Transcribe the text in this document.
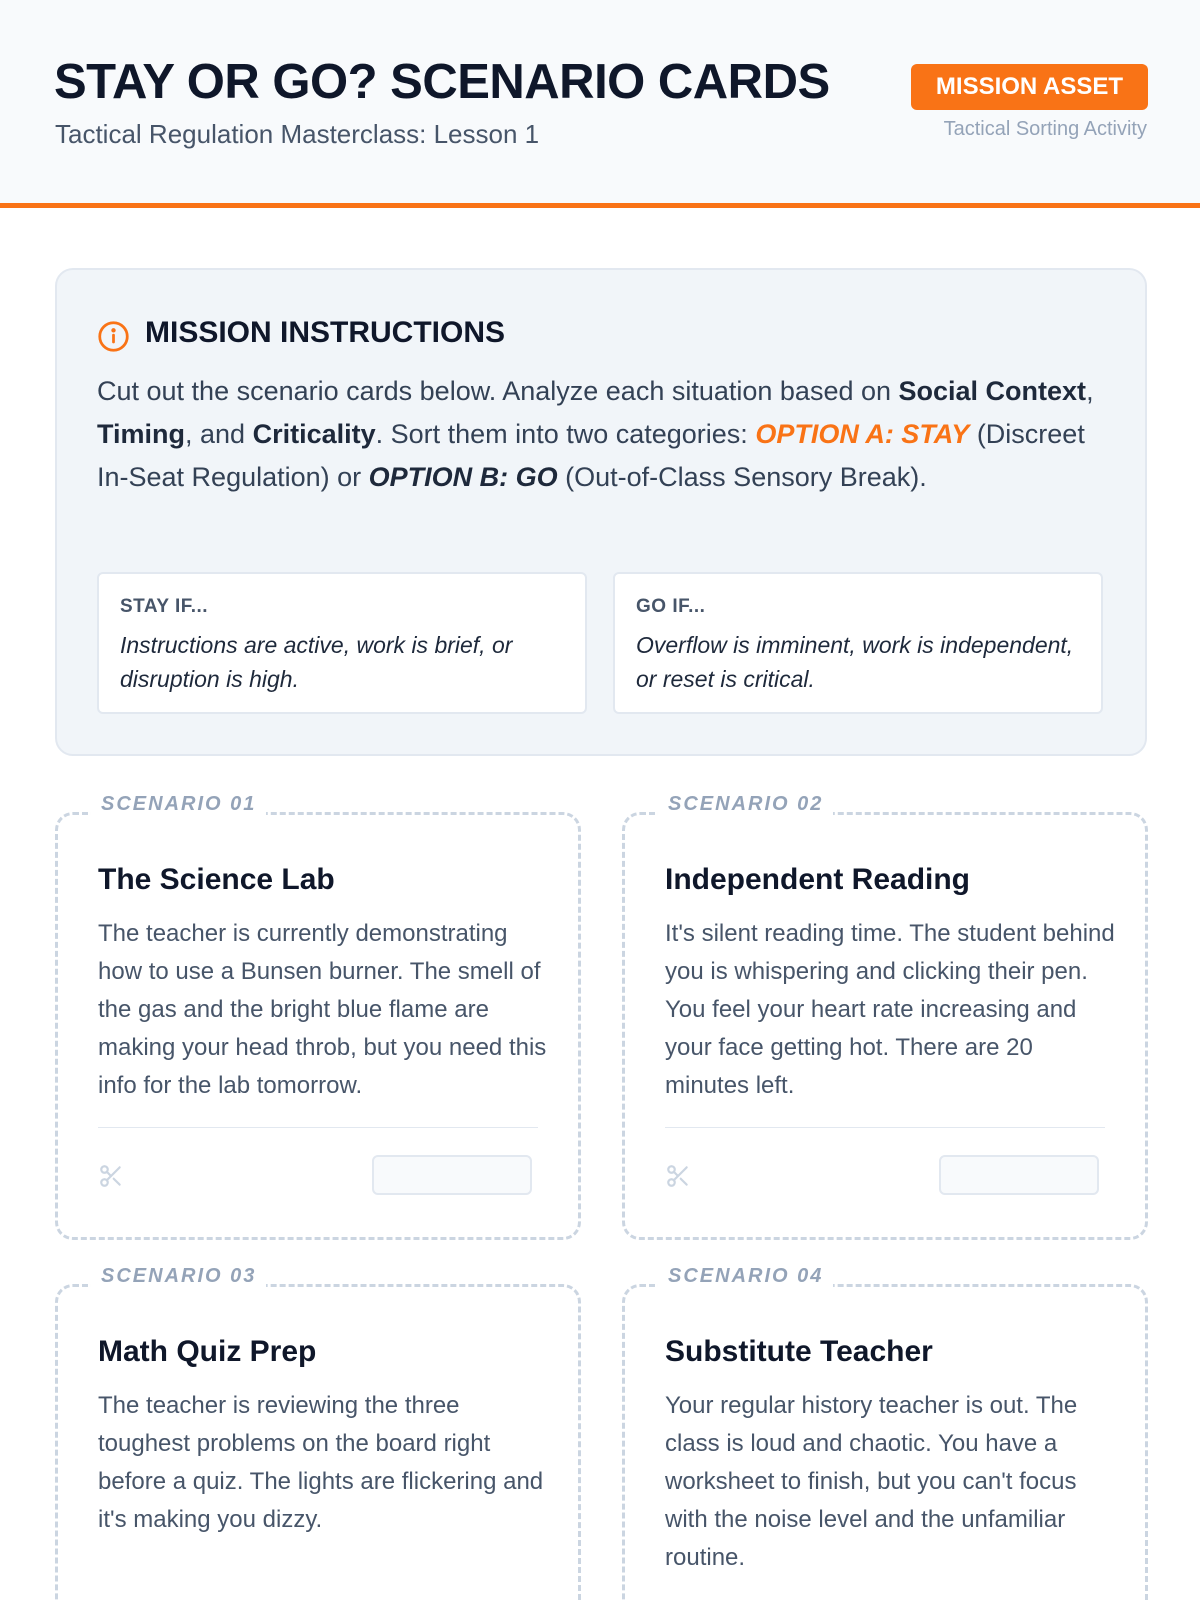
STAY OR GO? SCENARIO CARDS
Tactical Regulation Masterclass: Lesson 1
MISSION ASSET
Tactical Sorting Activity
MISSION INSTRUCTIONS
Cut out the scenario cards below. Analyze each situation based on Social Context, Timing, and Criticality. Sort them into two categories: OPTION A: STAY (Discreet In-Seat Regulation) or OPTION B: GO (Out-of-Class Sensory Break).
STAY IF...
Instructions are active, work is brief, or disruption is high.
GO IF...
Overflow is imminent, work is independent, or reset is critical.
SCENARIO 01
The Science Lab
The teacher is currently demonstrating how to use a Bunsen burner. The smell of the gas and the bright blue flame are making your head throb, but you need this info for the lab tomorrow.
SCENARIO 02
Independent Reading
It's silent reading time. The student behind you is whispering and clicking their pen. You feel your heart rate increasing and your face getting hot. There are 20 minutes left.
SCENARIO 03
Math Quiz Prep
The teacher is reviewing the three toughest problems on the board right before a quiz. The lights are flickering and it's making you dizzy.
SCENARIO 04
Substitute Teacher
Your regular history teacher is out. The class is loud and chaotic. You have a worksheet to finish, but you can't focus with the noise level and the unfamiliar routine.
